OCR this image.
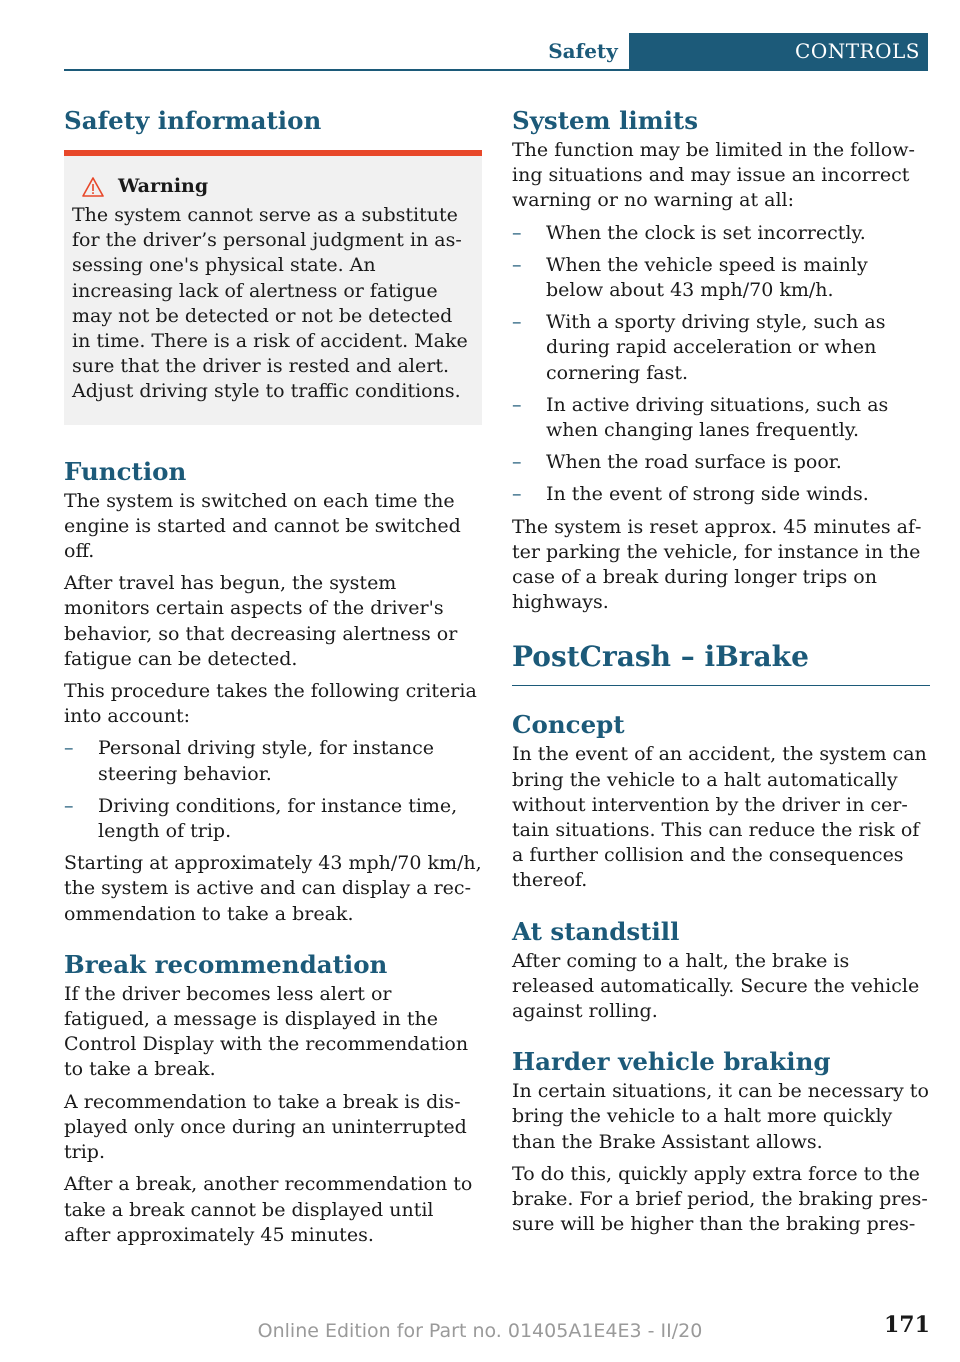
Safety	CONTROLS
Safety information
Warning

The system cannot serve as a substitute for the driver’s personal judgment in assessing one's physical state. An increasing lack of alertness or fatigue may not be detected or not be detected in time. There is a risk of accident. Make sure that the driver is rested and alert. Adjust driving style to traffic conditions.

Function

The system is switched on each time the engine is started and cannot be switched off.

After travel has begun, the system monitors certain aspects of the driver's behavior, so that decreasing alertness or fatigue can be detected.

This procedure takes the following criteria into account:

– Personal driving style, for instance steering behavior.
– Driving conditions, for instance time, length of trip.

Starting at approximately 43 mph/70 km/h, the system is active and can display a recommendation to take a break.

Break recommendation

If the driver becomes less alert or fatigued, a message is displayed in the Control Display with the recommendation to take a break.

A recommendation to take a break is displayed only once during an uninterrupted trip.

After a break, another recommendation to take a break cannot be displayed until after approximately 45 minutes.

System limits

The function may be limited in the following situations and may issue an incorrect warning or no warning at all:

– When the clock is set incorrectly.
– When the vehicle speed is mainly below about 43 mph/70 km/h.
– With a sporty driving style, such as during rapid acceleration or when cornering fast.
– In active driving situations, such as when changing lanes frequently.
– When the road surface is poor.
– In the event of strong side winds.

The system is reset approx. 45 minutes after parking the vehicle, for instance in the case of a break during longer trips on highways.

PostCrash – iBrake
Concept

In the event of an accident, the system can bring the vehicle to a halt automatically without intervention by the driver in certain situations. This can reduce the risk of a further collision and the consequences thereof.

At standstill

After coming to a halt, the brake is released automatically. Secure the vehicle against rolling.

Harder vehicle braking

In certain situations, it can be necessary to bring the vehicle to a halt more quickly than the Brake Assistant allows.

To do this, quickly apply extra force to the brake. For a brief period, the braking pressure will be higher than the braking pres-

171
Online Edition for Part no. 01405A1E4E3 - II/20
